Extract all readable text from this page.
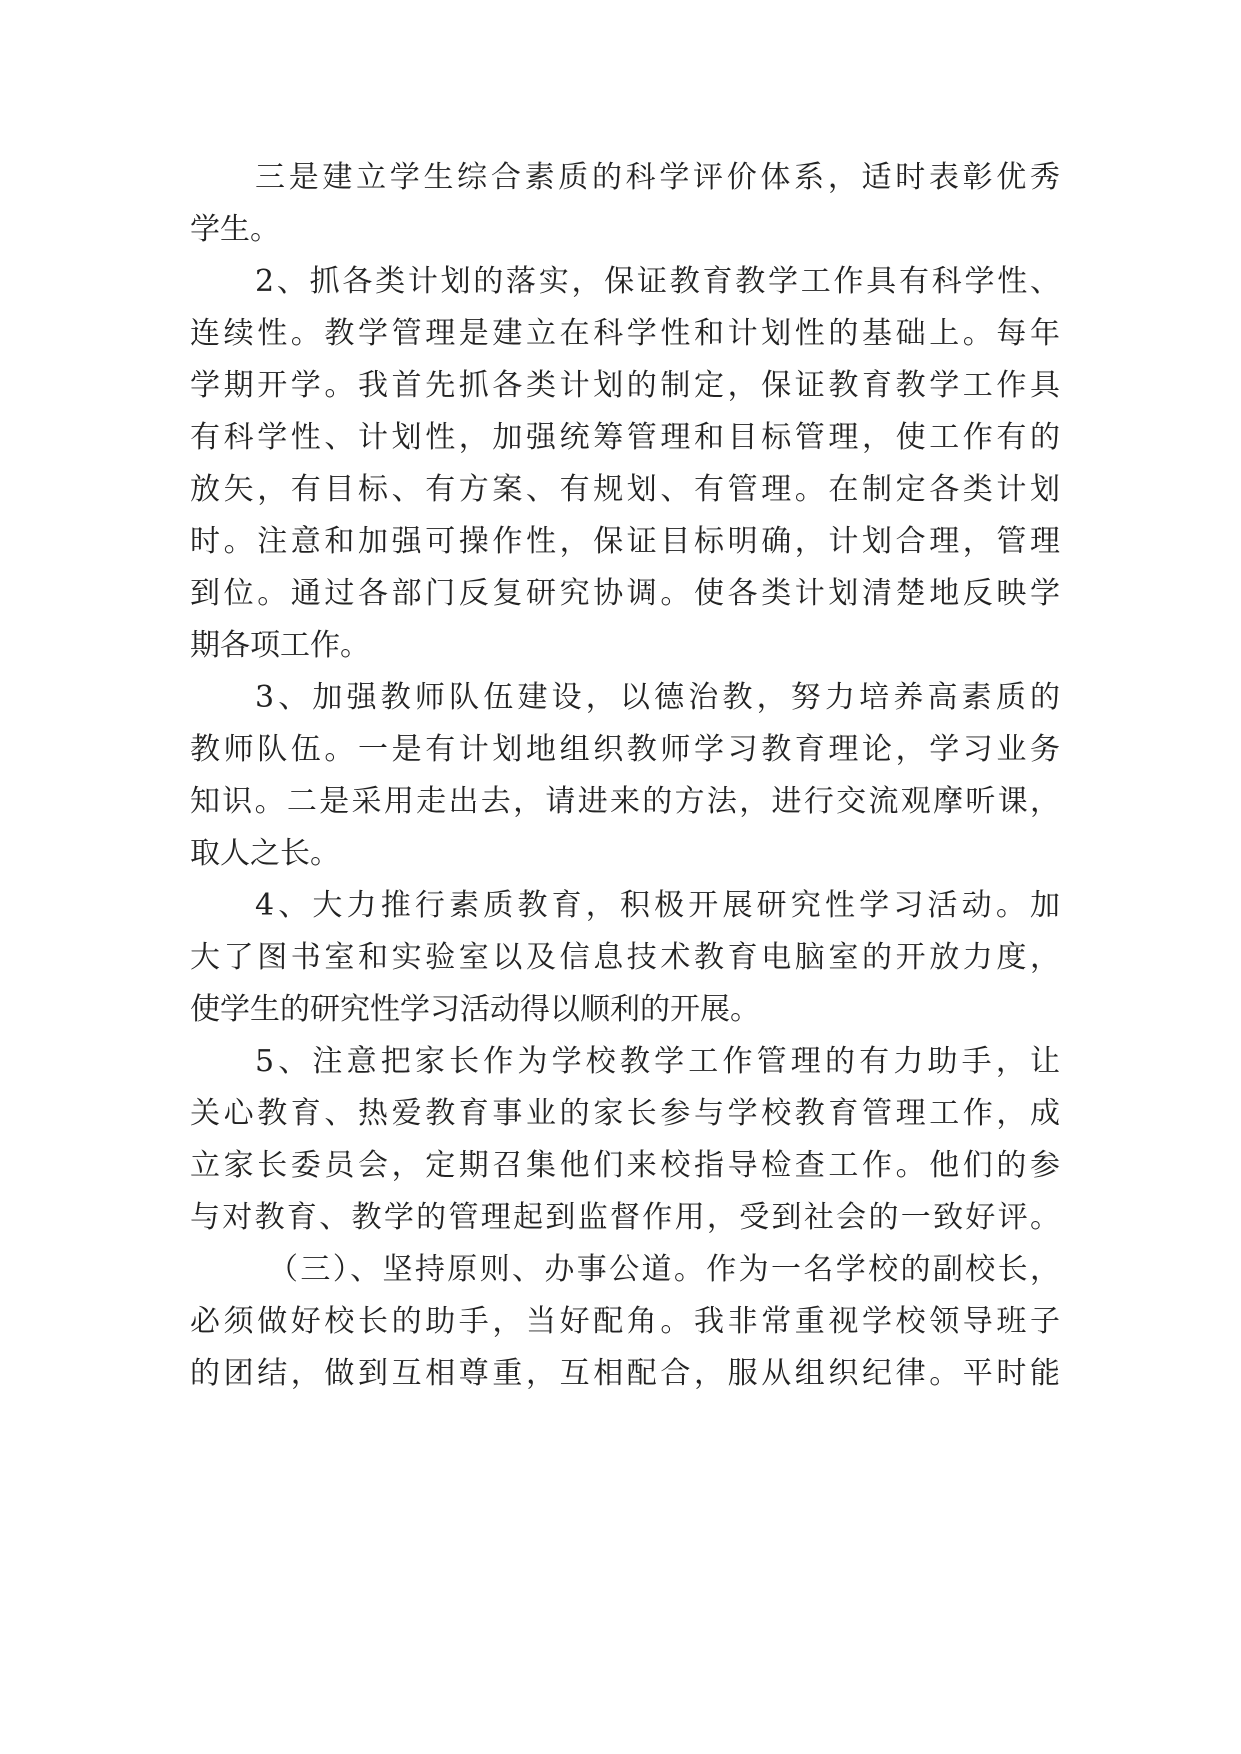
三是建立学生综合素质的科学评价体系，适时表彰优秀
学生。
2、抓各类计划的落实，保证教育教学工作具有科学性、
连续性。教学管理是建立在科学性和计划性的基础上。每年
学期开学。我首先抓各类计划的制定，保证教育教学工作具
有科学性、计划性，加强统筹管理和目标管理，使工作有的
放矢，有目标、有方案、有规划、有管理。在制定各类计划
时。注意和加强可操作性，保证目标明确，计划合理，管理
到位。通过各部门反复研究协调。使各类计划清楚地反映学
期各项工作。
3、加强教师队伍建设，以德治教，努力培养高素质的
教师队伍。一是有计划地组织教师学习教育理论，学习业务
知识。二是采用走出去，请进来的方法，进行交流观摩听课，
取人之长。
4、大力推行素质教育，积极开展研究性学习活动。加
大了图书室和实验室以及信息技术教育电脑室的开放力度，
使学生的研究性学习活动得以顺利的开展。
5、注意把家长作为学校教学工作管理的有力助手，让
关心教育、热爱教育事业的家长参与学校教育管理工作，成
立家长委员会，定期召集他们来校指导检查工作。他们的参
与对教育、教学的管理起到监督作用，受到社会的一致好评。
（三）、坚持原则、办事公道。作为一名学校的副校长，
必须做好校长的助手，当好配角。我非常重视学校领导班子
的团结，做到互相尊重，互相配合，服从组织纪律。平时能
